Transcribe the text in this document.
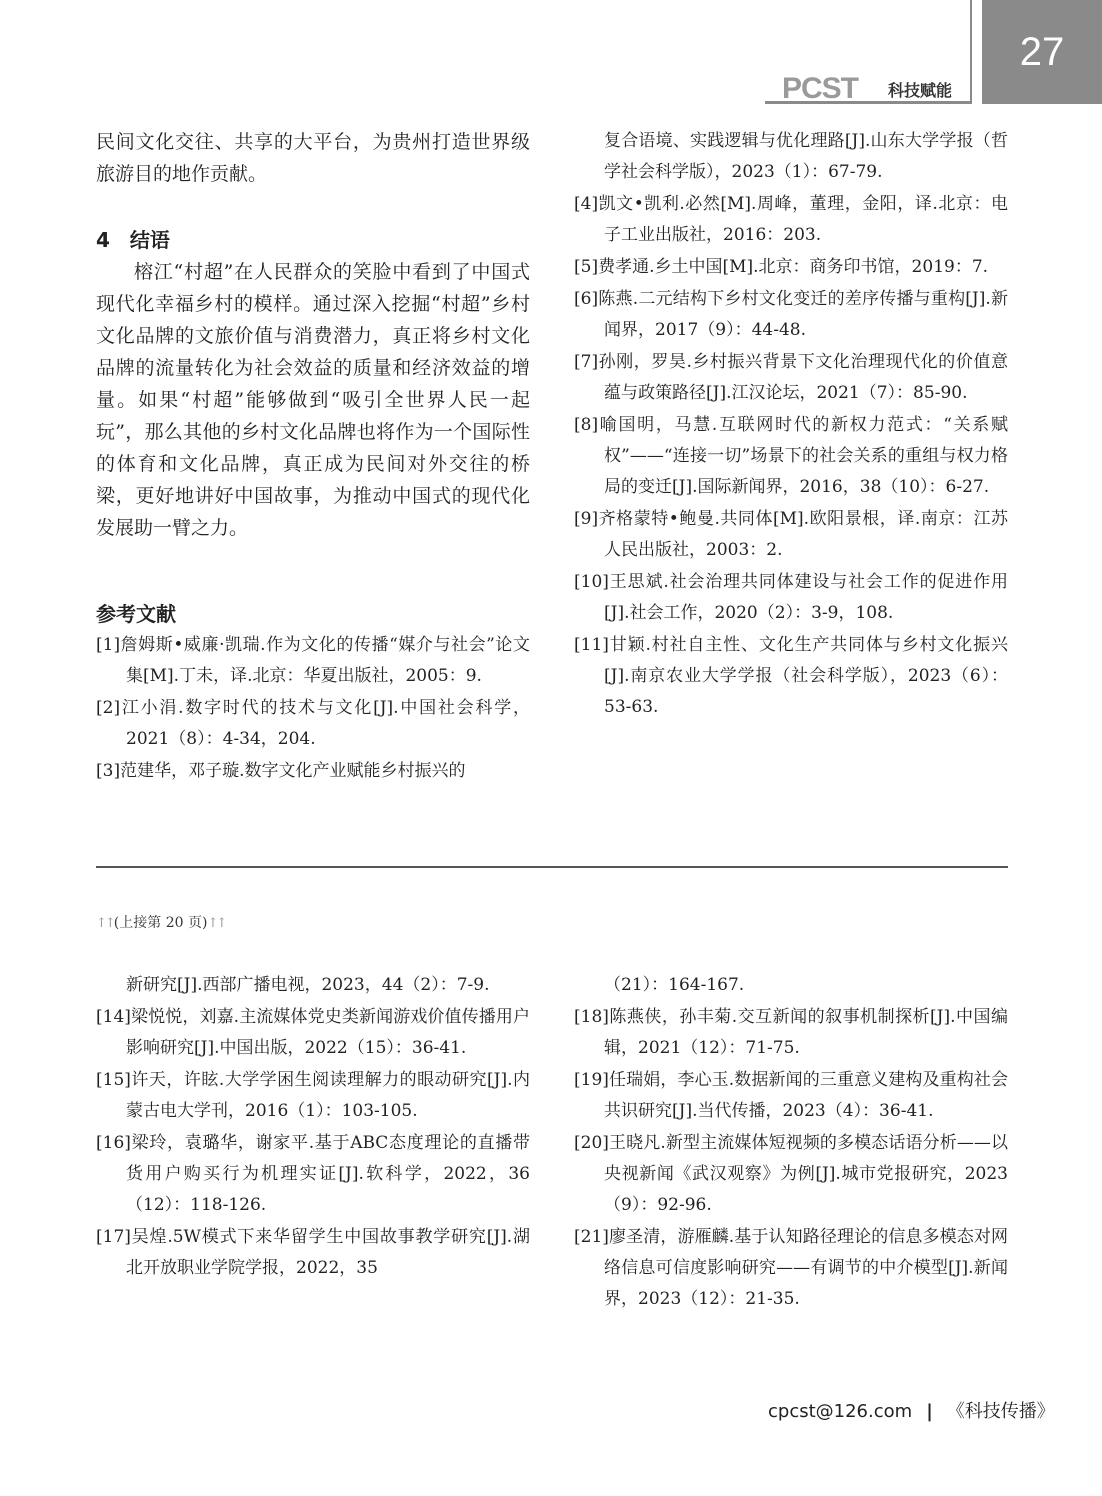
27
PCST 科技赋能

民间文化交往、共享的大平台，为贵州打造世界级旅游目的地作贡献。

4　结语

榕江“村超”在人民群众的笑脸中看到了中国式现代化幸福乡村的模样。通过深入挖掘“村超”乡村文化品牌的文旅价值与消费潜力，真正将乡村文化品牌的流量转化为社会效益的质量和经济效益的增量。如果“村超”能够做到“吸引全世界人民一起玩”，那么其他的乡村文化品牌也将作为一个国际性的体育和文化品牌，真正成为民间对外交往的桥梁，更好地讲好中国故事，为推动中国式的现代化发展助一臂之力。

参考文献

[1]詹姆斯•威廉·凯瑞.作为文化的传播“媒介与社会”论文集[M].丁未，译.北京：华夏出版社，2005：9.

[2]江小涓.数字时代的技术与文化[J].中国社会科学，2021（8）：4-34，204.

[3]范建华，邓子璇.数字文化产业赋能乡村振兴的

复合语境、实践逻辑与优化理路[J].山东大学学报（哲学社会科学版），2023（1）：67-79.

[4]凯文•凯利.必然[M].周峰，董理，金阳，译.北京：电子工业出版社，2016：203.

[5]费孝通.乡土中国[M].北京：商务印书馆，2019：7.

[6]陈燕.二元结构下乡村文化变迁的差序传播与重构[J].新闻界，2017（9）：44-48.

[7]孙刚，罗昊.乡村振兴背景下文化治理现代化的价值意蕴与政策路径[J].江汉论坛，2021（7）：85-90.

[8]喻国明，马慧.互联网时代的新权力范式：“关系赋权”——“连接一切”场景下的社会关系的重组与权力格局的变迁[J].国际新闻界，2016，38（10）：6-27.

[9]齐格蒙特•鲍曼.共同体[M].欧阳景根，译.南京：江苏人民出版社，2003：2.

[10]王思斌.社会治理共同体建设与社会工作的促进作用[J].社会工作，2020（2）：3-9，108.

[11]甘颖.村社自主性、文化生产共同体与乡村文化振兴[J].南京农业大学学报（社会科学版），2023（6）：53-63.

↑↑(上接第 20 页)↑↑

新研究[J].西部广播电视，2023，44（2）：7-9.

[14]梁悦悦，刘嘉.主流媒体党史类新闻游戏价值传播用户影响研究[J].中国出版，2022（15）：36-41.

[15]许天，许眩.大学学困生阅读理解力的眼动研究[J].内蒙古电大学刊，2016（1）：103-105.

[16]梁玲，袁璐华，谢家平.基于ABC态度理论的直播带货用户购买行为机理实证[J].软科学，2022，36（12）：118-126.

[17]吴煌.5W模式下来华留学生中国故事教学研究[J].湖北开放职业学院学报，2022，35

（21）：164-167.

[18]陈燕侠，孙丰菊.交互新闻的叙事机制探析[J].中国编辑，2021（12）：71-75.

[19]任瑞娟，李心玉.数据新闻的三重意义建构及重构社会共识研究[J].当代传播，2023（4）：36-41.

[20]王晓凡.新型主流媒体短视频的多模态话语分析——以央视新闻《武汉观察》为例[J].城市党报研究，2023（9）：92-96.

[21]廖圣清，游雁麟.基于认知路径理论的信息多模态对网络信息可信度影响研究——有调节的中介模型[J].新闻界，2023（12）：21-35.

cpcst@126.com | 《科技传播》
